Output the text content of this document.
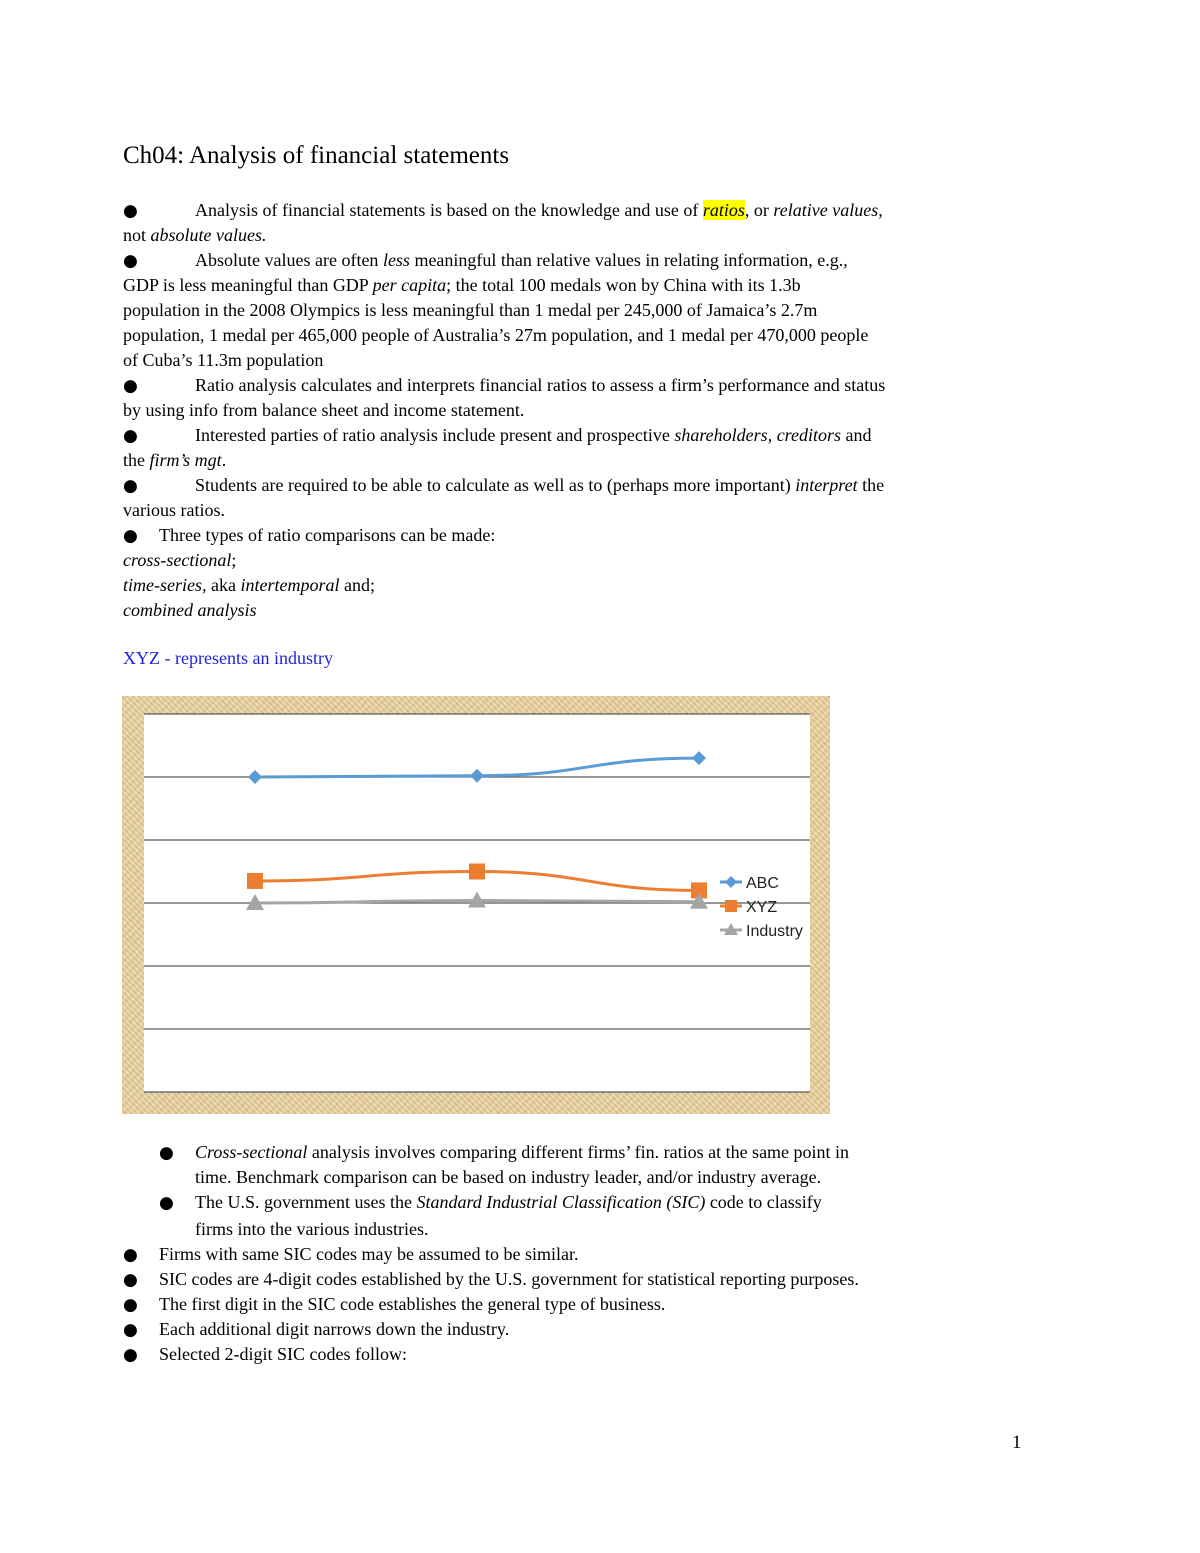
Ch04: Analysis of financial statements
●	Analysis of financial statements is based on the knowledge and use of ratios, or relative values,
not absolute values.
●	Absolute values are often less meaningful than relative values in relating information, e.g.,
GDP is less meaningful than GDP per capita; the total 100 medals won by China with its 1.3b
population in the 2008 Olympics is less meaningful than 1 medal per 245,000 of Jamaica’s 2.7m
population, 1 medal per 465,000 people of Australia’s 27m population, and 1 medal per 470,000 people
of Cuba’s 11.3m population
●	Ratio analysis calculates and interprets financial ratios to assess a firm’s performance and status
by using info from balance sheet and income statement.
●	Interested parties of ratio analysis include present and prospective shareholders, creditors and
the firm’s mgt.
●	Students are required to be able to calculate as well as to (perhaps more important) interpret the
various ratios.
● Three types of ratio comparisons can be made:
cross-sectional;
time-series, aka intertemporal and;
combined analysis
XYZ - represents an industry
ABC
XYZ
Industry
● Cross-sectional analysis involves comparing different firms’ fin. ratios at the same point in
time. Benchmark comparison can be based on industry leader, and/or industry average.
● The U.S. government uses the Standard Industrial Classification (SIC) code to classify
firms into the various industries.
● Firms with same SIC codes may be assumed to be similar.
● SIC codes are 4-digit codes established by the U.S. government for statistical reporting purposes.
● The first digit in the SIC code establishes the general type of business.
● Each additional digit narrows down the industry.
● Selected 2-digit SIC codes follow:
1
